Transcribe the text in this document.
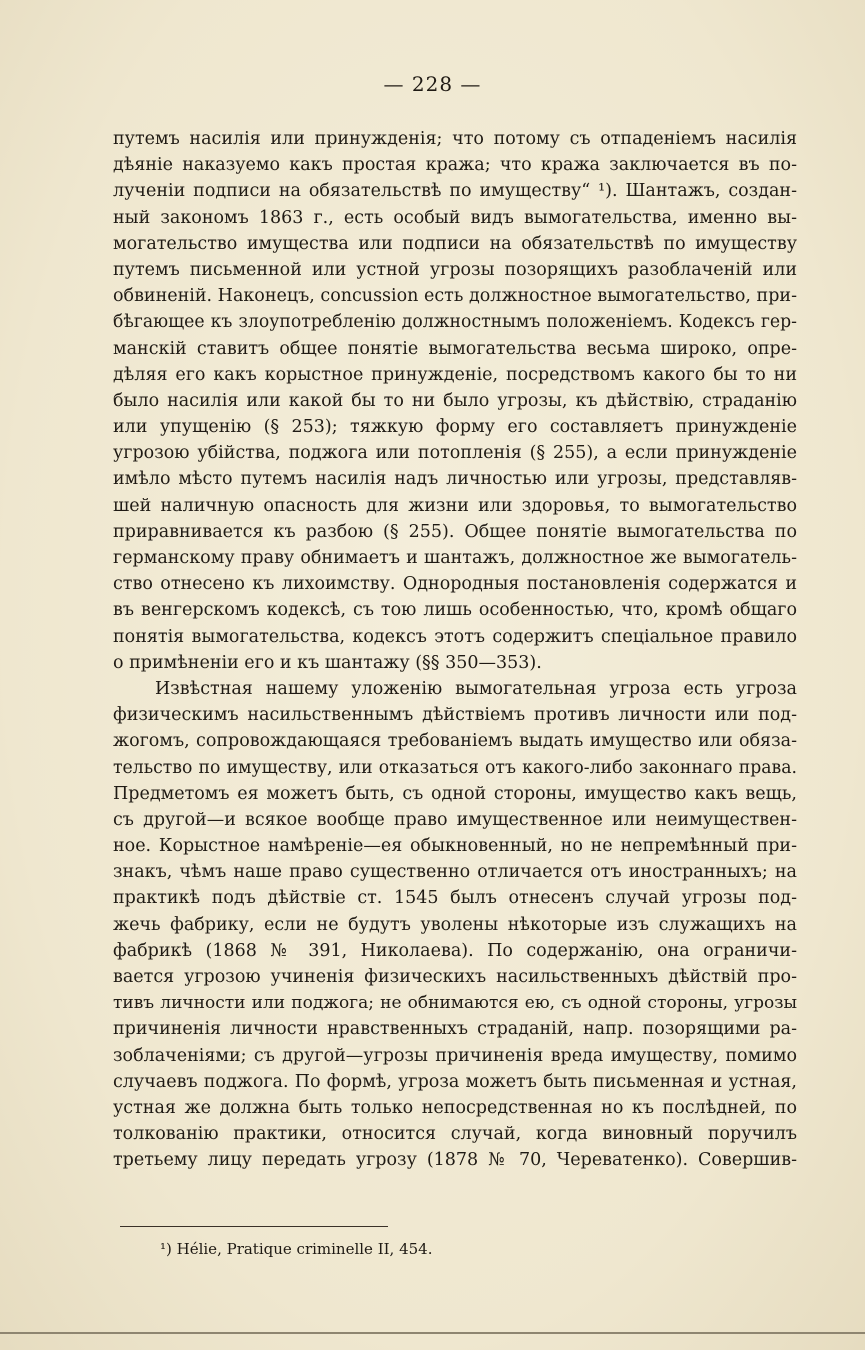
— 228 —
путемъ насилія или принужденія; что потому съ отпаденіемъ насилія
дѣяніе наказуемо какъ простая кража; что кража заключается въ по-
лученіи подписи на обязательствѣ по имуществу“ ¹). Шантажъ, создан-
ный закономъ 1863 г., есть особый видъ вымогательства, именно вы-
могательство имущества или подписи на обязательствѣ по имуществу
путемъ письменной или устной угрозы позорящихъ разоблаченій или
обвиненій. Наконецъ, concussion есть должностное вымогательство, при-
бѣгающее къ злоупотребленію должностнымъ положеніемъ. Кодексъ гер-
манскій ставитъ общее понятіе вымогательства весьма широко, опре-
дѣляя его какъ корыстное принужденіе, посредствомъ какого бы то ни
было насилія или какой бы то ни было угрозы, къ дѣйствію, страданію
или упущенію (§ 253); тяжкую форму его составляетъ принужденіе
угрозою убійства, поджога или потопленія (§ 255), а если принужденіе
имѣло мѣсто путемъ насилія надъ личностью или угрозы, представляв-
шей наличную опасность для жизни или здоровья, то вымогательство
приравнивается къ разбою (§ 255). Общее понятіе вымогательства по
германскому праву обнимаетъ и шантажъ, должностное же вымогатель-
ство отнесено къ лихоимству. Однородныя постановленія содержатся и
въ венгерскомъ кодексѣ, съ тою лишь особенностью, что, кромѣ общаго
понятія вымогательства, кодексъ этотъ содержитъ спеціальное правило
о примѣненіи его и къ шантажу (§§ 350—353).
Извѣстная нашему уложенію вымогательная угроза есть угроза
физическимъ насильственнымъ дѣйствіемъ противъ личности или под-
жогомъ, сопровождающаяся требованіемъ выдать имущество или обяза-
тельство по имуществу, или отказаться отъ какого-либо законнаго права.
Предметомъ ея можетъ быть, съ одной стороны, имущество какъ вещь,
съ другой—и всякое вообще право имущественное или неимуществен-
ное. Корыстное намѣреніе—ея обыкновенный, но не непремѣнный при-
знакъ, чѣмъ наше право существенно отличается отъ иностранныхъ; на
практикѣ подъ дѣйствіе ст. 1545 былъ отнесенъ случай угрозы под-
жечь фабрику, если не будутъ уволены нѣкоторые изъ служащихъ на
фабрикѣ (1868 № 391, Николаева). По содержанію, она ограничи-
вается угрозою учиненія физическихъ насильственныхъ дѣйствій про-
тивъ личности или поджога; не обнимаются ею, съ одной стороны, угрозы
причиненія личности нравственныхъ страданій, напр. позорящими ра-
зоблаченіями; съ другой—угрозы причиненія вреда имуществу, помимо
случаевъ поджога. По формѣ, угроза можетъ быть письменная и устная,
устная же должна быть только непосредственная но къ послѣдней, по
толкованію практики, относится случай, когда виновный поручилъ
третьему лицу передать угрозу (1878 № 70, Череватенко). Совершив-
¹) Hélie, Pratique criminelle II, 454.
